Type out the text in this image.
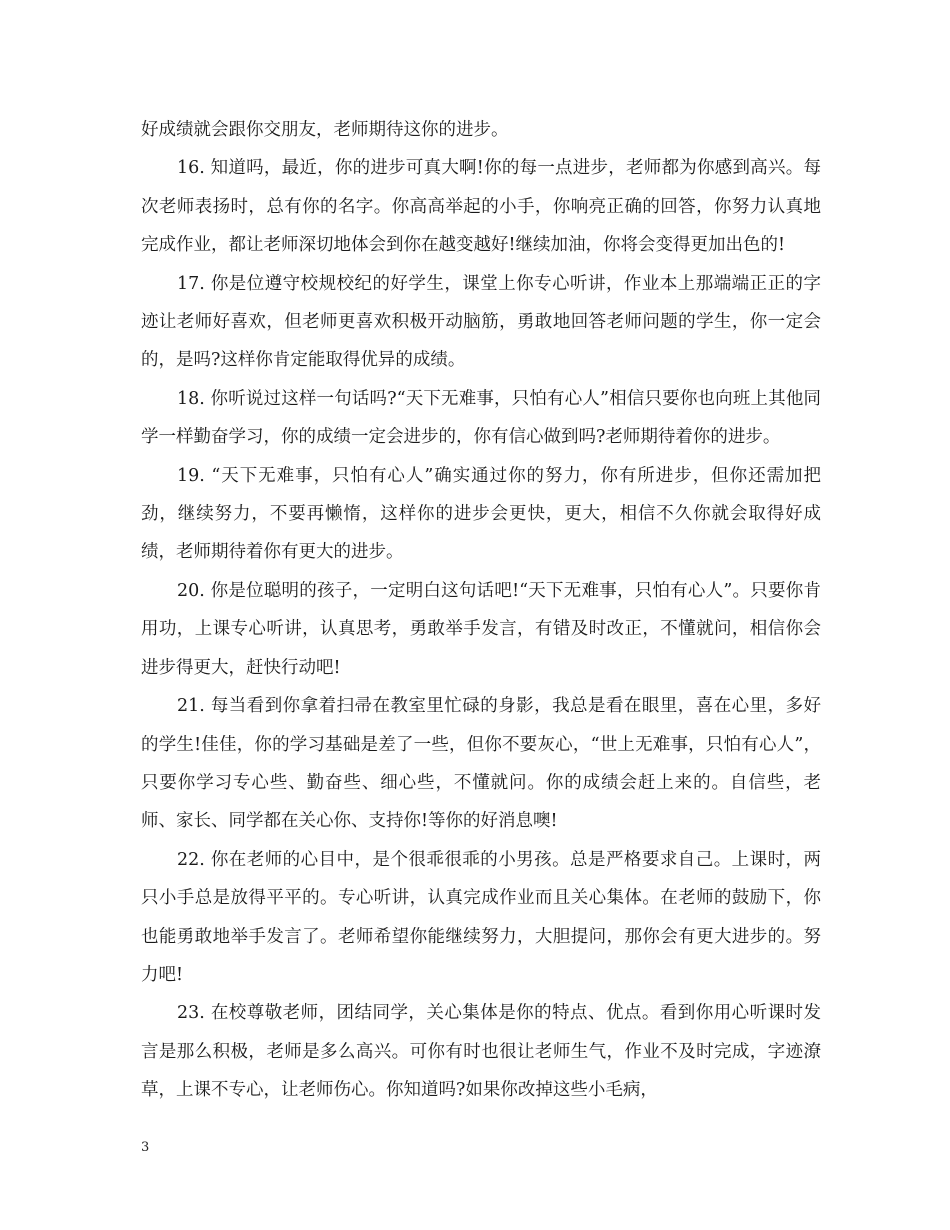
好成绩就会跟你交朋友，老师期待这你的进步。

16. 知道吗，最近，你的进步可真大啊!你的每一点进步，老师都为你感到高兴。每次老师表扬时，总有你的名字。你高高举起的小手，你响亮正确的回答，你努力认真地完成作业，都让老师深切地体会到你在越变越好!继续加油，你将会变得更加出色的!

17. 你是位遵守校规校纪的好学生，课堂上你专心听讲，作业本上那端端正正的字迹让老师好喜欢，但老师更喜欢积极开动脑筋，勇敢地回答老师问题的学生，你一定会的，是吗?这样你肯定能取得优异的成绩。

18. 你听说过这样一句话吗?“天下无难事，只怕有心人”相信只要你也向班上其他同学一样勤奋学习，你的成绩一定会进步的，你有信心做到吗?老师期待着你的进步。

19. “天下无难事，只怕有心人”确实通过你的努力，你有所进步，但你还需加把劲，继续努力，不要再懒惰，这样你的进步会更快，更大，相信不久你就会取得好成绩，老师期待着你有更大的进步。

20. 你是位聪明的孩子，一定明白这句话吧!“天下无难事，只怕有心人”。只要你肯用功，上课专心听讲，认真思考，勇敢举手发言，有错及时改正，不懂就问，相信你会进步得更大，赶快行动吧!

21. 每当看到你拿着扫帚在教室里忙碌的身影，我总是看在眼里，喜在心里，多好的学生!佳佳，你的学习基础是差了一些，但你不要灰心，“世上无难事，只怕有心人”，只要你学习专心些、勤奋些、细心些，不懂就问。你的成绩会赶上来的。自信些，老师、家长、同学都在关心你、支持你!等你的好消息噢!

22. 你在老师的心目中，是个很乖很乖的小男孩。总是严格要求自己。上课时，两只小手总是放得平平的。专心听讲，认真完成作业而且关心集体。在老师的鼓励下，你也能勇敢地举手发言了。老师希望你能继续努力，大胆提问，那你会有更大进步的。努力吧!

23. 在校尊敬老师，团结同学，关心集体是你的特点、优点。看到你用心听课时发言是那么积极，老师是多么高兴。可你有时也很让老师生气，作业不及时完成，字迹潦草，上课不专心，让老师伤心。你知道吗?如果你改掉这些小毛病，

3
